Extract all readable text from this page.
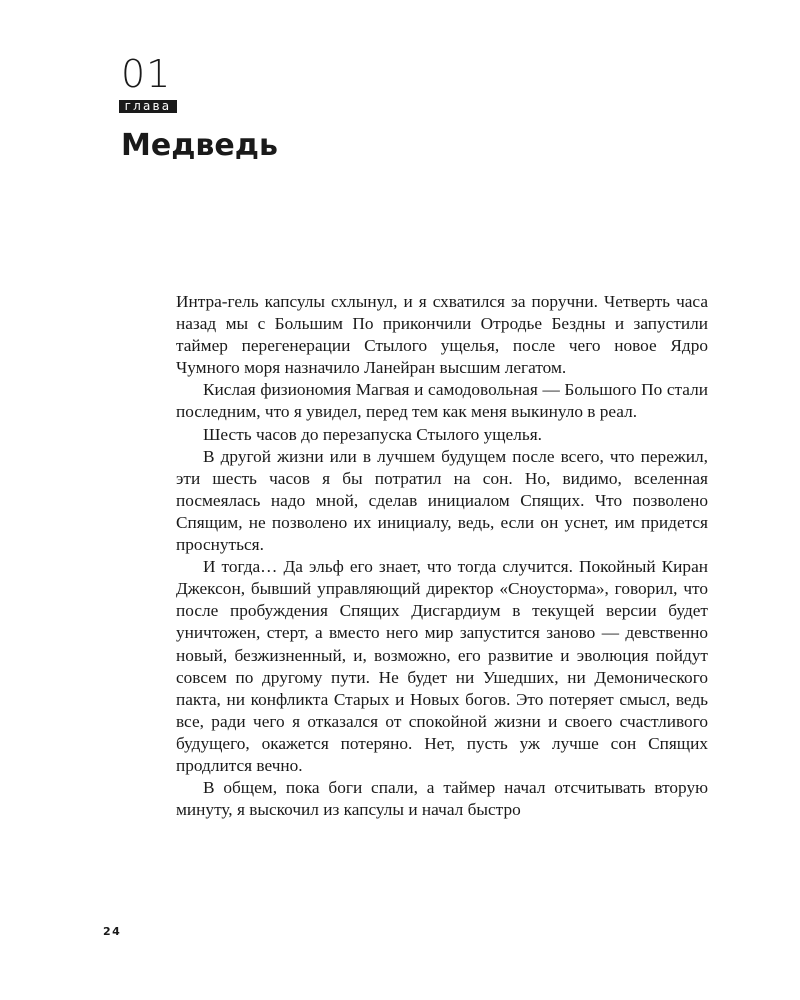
01
глава
Медведь

Интра-гель капсулы схлынул, и я схватился за поручни. Четверть часа назад мы с Большим По прикончили Отродье Бездны и запустили таймер перегенерации Стылого ущелья, после чего новое Ядро Чумного моря назначило Ланейран высшим легатом.

Кислая физиономия Магвая и самодовольная — Большого По стали последним, что я увидел, перед тем как меня выкинуло в реал.

Шесть часов до перезапуска Стылого ущелья.

В другой жизни или в лучшем будущем после всего, что пережил, эти шесть часов я бы потратил на сон. Но, видимо, вселенная посмеялась надо мной, сделав инициалом Спящих. Что позволено Спящим, не позволено их инициалу, ведь, если он уснет, им придется проснуться.

И тогда… Да эльф его знает, что тогда случится. Покойный Киран Джексон, бывший управляющий директор «Сноусторма», говорил, что после пробуждения Спящих Дисгардиум в текущей версии будет уничтожен, стерт, а вместо него мир запустится заново — девственно новый, безжизненный, и, возможно, его развитие и эволюция пойдут совсем по другому пути. Не будет ни Ушедших, ни Демонического пакта, ни конфликта Старых и Новых богов. Это потеряет смысл, ведь все, ради чего я отказался от спокойной жизни и своего счастливого будущего, окажется потеряно. Нет, пусть уж лучше сон Спящих продлится вечно.

В общем, пока боги спали, а таймер начал отсчитывать вторую минуту, я выскочил из капсулы и начал быстро

24
